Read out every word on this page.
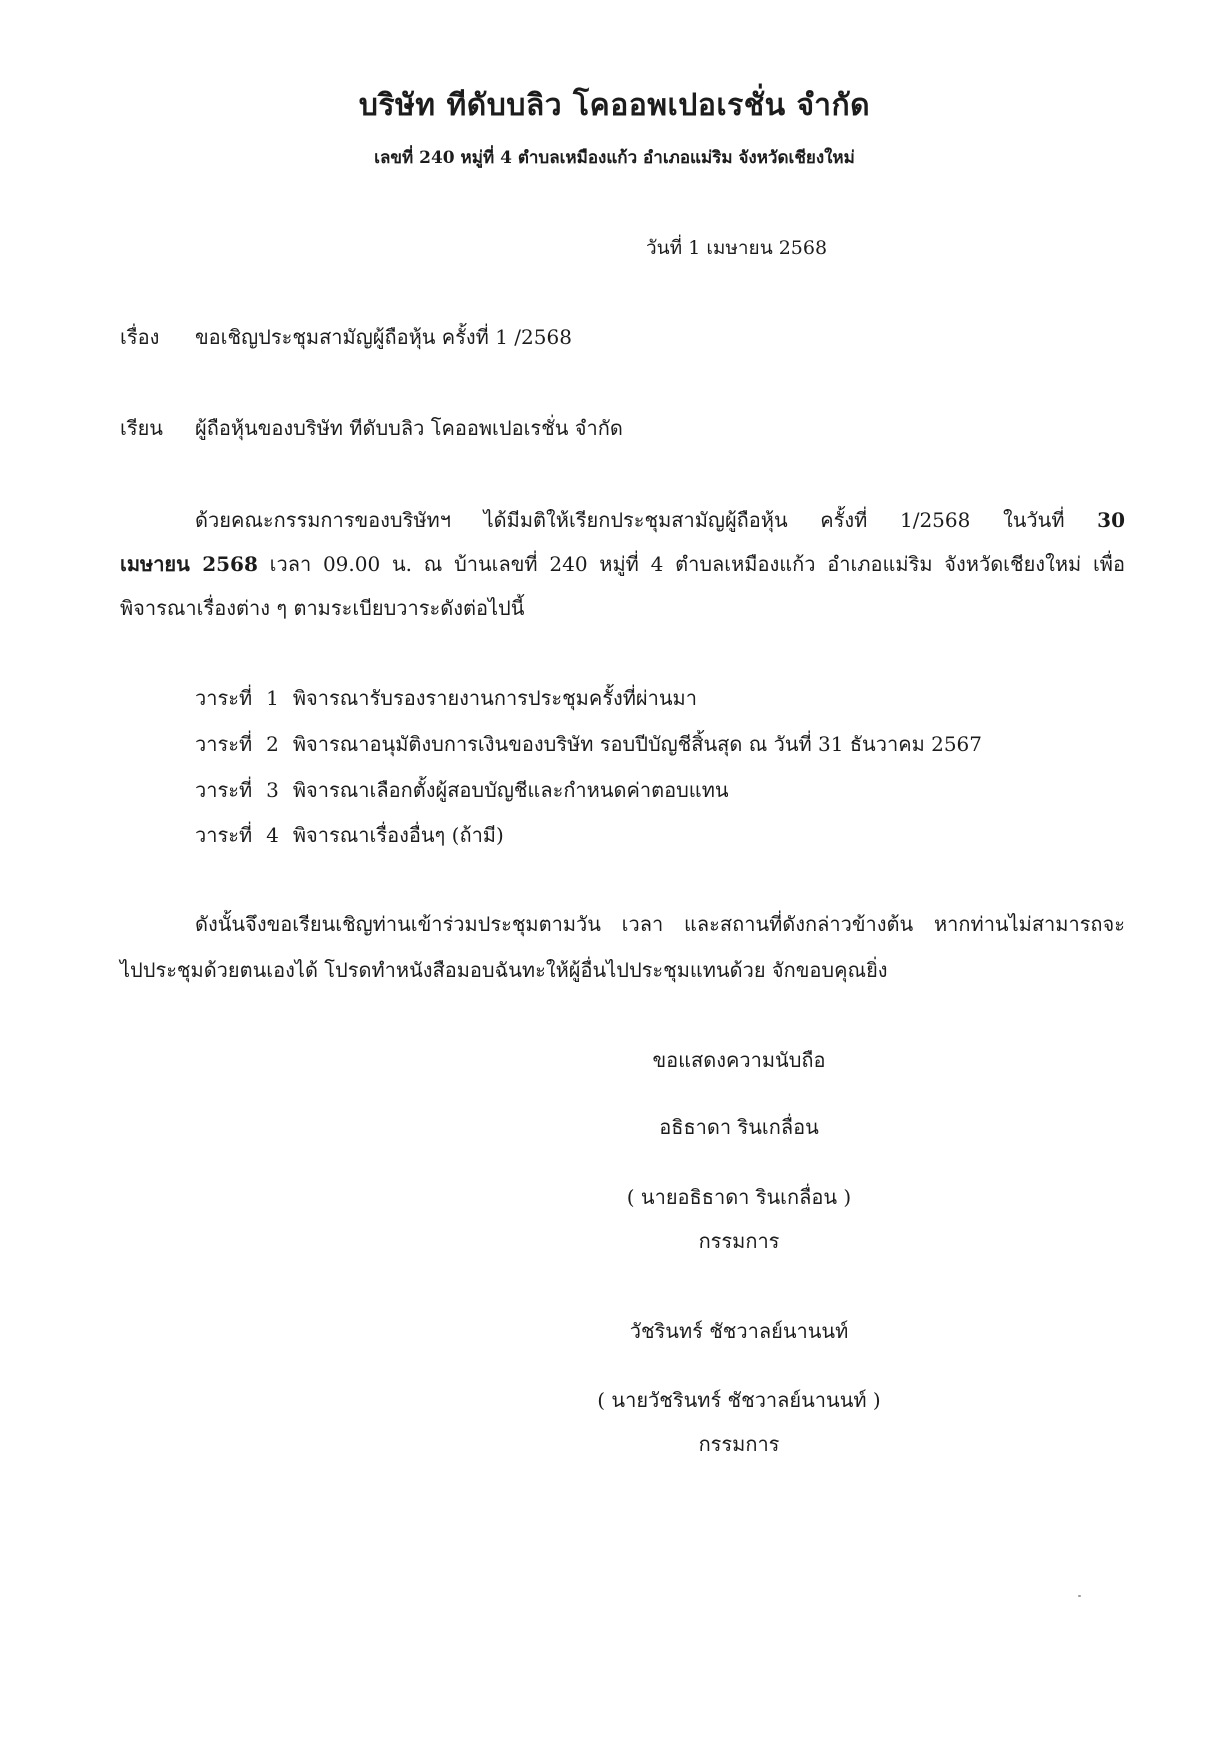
บริษัท ทีดับบลิว โคออพเปอเรชั่น จำกัด
เลขที่ 240 หมู่ที่ 4 ตำบลเหมืองแก้ว อำเภอแม่ริม จังหวัดเชียงใหม่
วันที่ 1 เมษายน 2568
เรื่อง ขอเชิญประชุมสามัญผู้ถือหุ้น ครั้งที่ 1 /2568
เรียน ผู้ถือหุ้นของบริษัท ทีดับบลิว โคออพเปอเรชั่น จำกัด
ด้วยคณะกรรมการของบริษัทฯ ได้มีมติให้เรียกประชุมสามัญผู้ถือหุ้น ครั้งที่ 1/2568 ในวันที่ 30
เมษายน 2568 เวลา 09.00 น. ณ บ้านเลขที่ 240 หมู่ที่ 4 ตำบลเหมืองแก้ว อำเภอแม่ริม จังหวัดเชียงใหม่ เพื่อ
พิจารณาเรื่องต่าง ๆ ตามระเบียบวาระดังต่อไปนี้
วาระที่ 1 พิจารณารับรองรายงานการประชุมครั้งที่ผ่านมา
วาระที่ 2 พิจารณาอนุมัติงบการเงินของบริษัท รอบปีบัญชีสิ้นสุด ณ วันที่ 31 ธันวาคม 2567
วาระที่ 3 พิจารณาเลือกตั้งผู้สอบบัญชีและกำหนดค่าตอบแทน
วาระที่ 4 พิจารณาเรื่องอื่นๆ (ถ้ามี)
ดังนั้นจึงขอเรียนเชิญท่านเข้าร่วมประชุมตามวัน เวลา และสถานที่ดังกล่าวข้างต้น หากท่านไม่สามารถจะ
ไปประชุมด้วยตนเองได้ โปรดทำหนังสือมอบฉันทะให้ผู้อื่นไปประชุมแทนด้วย จักขอบคุณยิ่ง
ขอแสดงความนับถือ
อธิธาดา รินเกลื่อน
( นายอธิธาดา รินเกลื่อน )
กรรมการ
วัชรินทร์ ชัชวาลย์นานนท์
( นายวัชรินทร์ ชัชวาลย์นานนท์ )
กรรมการ
